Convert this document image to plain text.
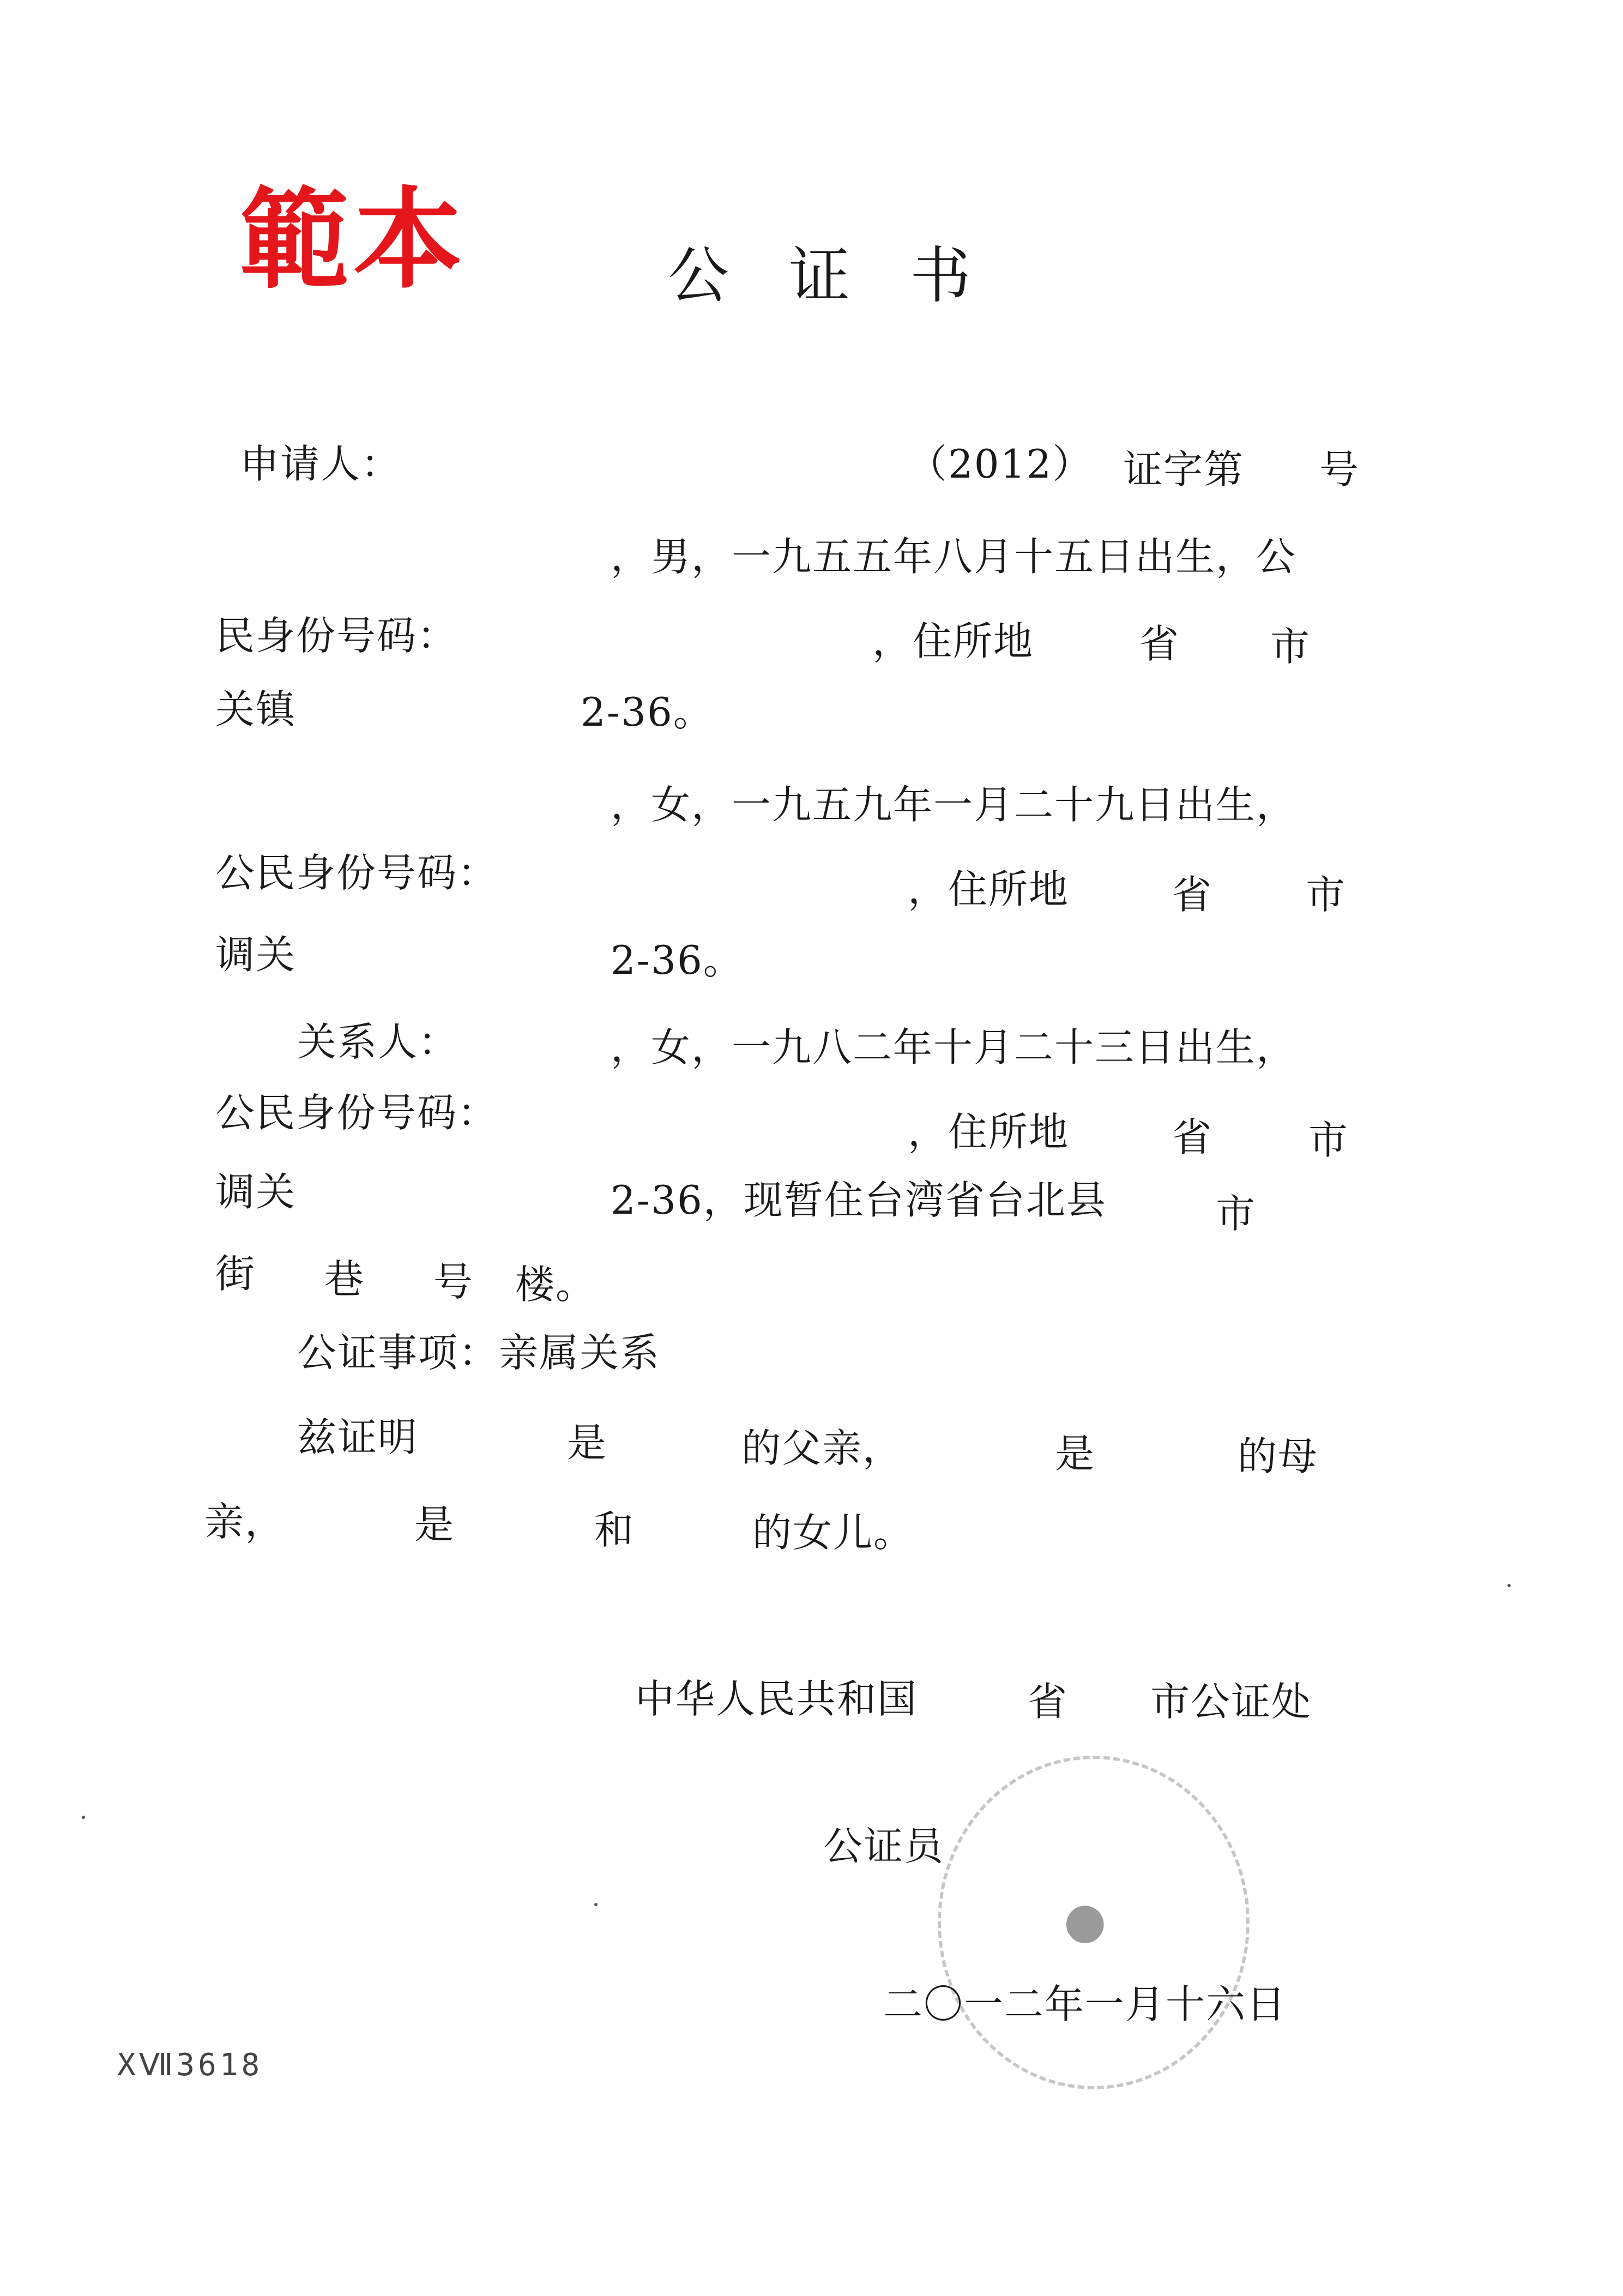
範本	公证书
申请人：	（2012） 证字第 号
，男，一九五五年八月十五日出生，公
民身份号码：	，住所地	省 市
关镇	2-36。
，女，一九五九年一月二十九日出生，
公民身份号码：	，住所地	省 市
调关	2-36。
关系人：	，女，一九八二年十月二十三日出生，
公民身份号码：	，住所地	省 市
调关	2-36，现暂住台湾省台北县	市
街 巷 号 楼。
公证事项：亲属关系
兹证明	是	的父亲，	是	的母
亲，	是	和	的女儿。
中华人民共和国	省 市公证处
公证员
●
二〇一二年一月十六日
XⅦ3618
